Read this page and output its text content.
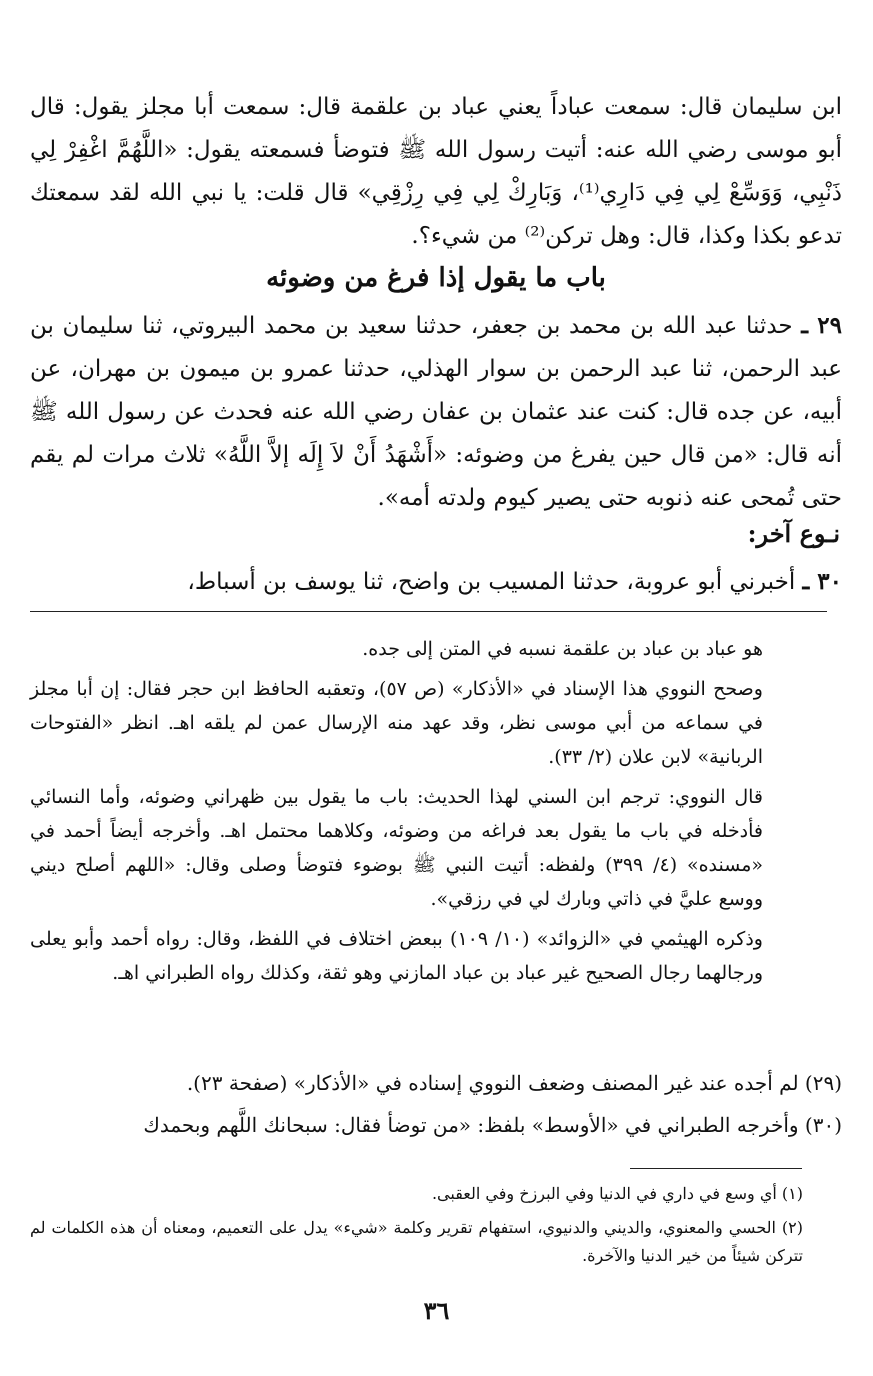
ابن سليمان قال: سمعت عباداً يعني عباد بن علقمة قال: سمعت أبا مجلز يقول: قال أبو موسى رضي الله عنه: أتيت رسول الله ﷺ فتوضأ فسمعته يقول: «اللَّهُمَّ اغْفِرْ لِي ذَنْبِي، وَوَسِّعْ لِي فِي دَارِي⁽¹⁾، وَبَارِكْ لِي فِي رِزْقِي» قال قلت: يا نبي الله لقد سمعتك تدعو بكذا وكذا، قال: وهل تركن⁽²⁾ من شيء؟.

باب ما يقول إذا فرغ من وضوئه

٢٩ ـ حدثنا عبد الله بن محمد بن جعفر، حدثنا سعيد بن محمد البيروتي، ثنا سليمان بن عبد الرحمن، ثنا عبد الرحمن بن سوار الهذلي، حدثنا عمرو بن ميمون بن مهران، عن أبيه، عن جده قال: كنت عند عثمان بن عفان رضي الله عنه فحدث عن رسول الله ﷺ أنه قال: «من قال حين يفرغ من وضوئه: «أَشْهَدُ أَنْ لاَ إِلَه إلاَّ اللَّهُ» ثلاث مرات لم يقم حتى تُمحى عنه ذنوبه حتى يصير كيوم ولدته أمه».

نـوع آخر:

٣٠ ـ أخبرني أبو عروبة، حدثنا المسيب بن واضح، ثنا يوسف بن أسباط،

هو عباد بن عباد بن علقمة نسبه في المتن إلى جده.

وصحح النووي هذا الإسناد في «الأذكار» (ص ٥٧)، وتعقبه الحافظ ابن حجر فقال: إن أبا مجلز في سماعه من أبي موسى نظر، وقد عهد منه الإرسال عمن لم يلقه اهـ. انظر «الفتوحات الربانية» لابن علان (٢/ ٣٣).

قال النووي: ترجم ابن السني لهذا الحديث: باب ما يقول بين ظهراني وضوئه، وأما النسائي فأدخله في باب ما يقول بعد فراغه من وضوئه، وكلاهما محتمل اهـ. وأخرجه أيضاً أحمد في «مسنده» (٤/ ٣٩٩) ولفظه: أتيت النبي ﷺ بوضوء فتوضأ وصلى وقال: «اللهم أصلح ديني ووسع عليَّ في ذاتي وبارك لي في رزقي».

وذكره الهيثمي في «الزوائد» (١٠/ ١٠٩) ببعض اختلاف في اللفظ، وقال: رواه أحمد وأبو يعلى ورجالهما رجال الصحيح غير عباد بن عباد المازني وهو ثقة، وكذلك رواه الطبراني اهـ.

(٢٩) لم أجده عند غير المصنف وضعف النووي إسناده في «الأذكار» (صفحة ٢٣).

(٣٠) وأخرجه الطبراني في «الأوسط» بلفظ: «من توضأ فقال: سبحانك اللَّهم وبحمدك

(١) أي وسع في داري في الدنيا وفي البرزخ وفي العقبى.

(٢) الحسي والمعنوي، والديني والدنيوي، استفهام تقرير وكلمة «شيء» يدل على التعميم، ومعناه أن هذه الكلمات لم تتركن شيئاً من خير الدنيا والآخرة.

٣٦
